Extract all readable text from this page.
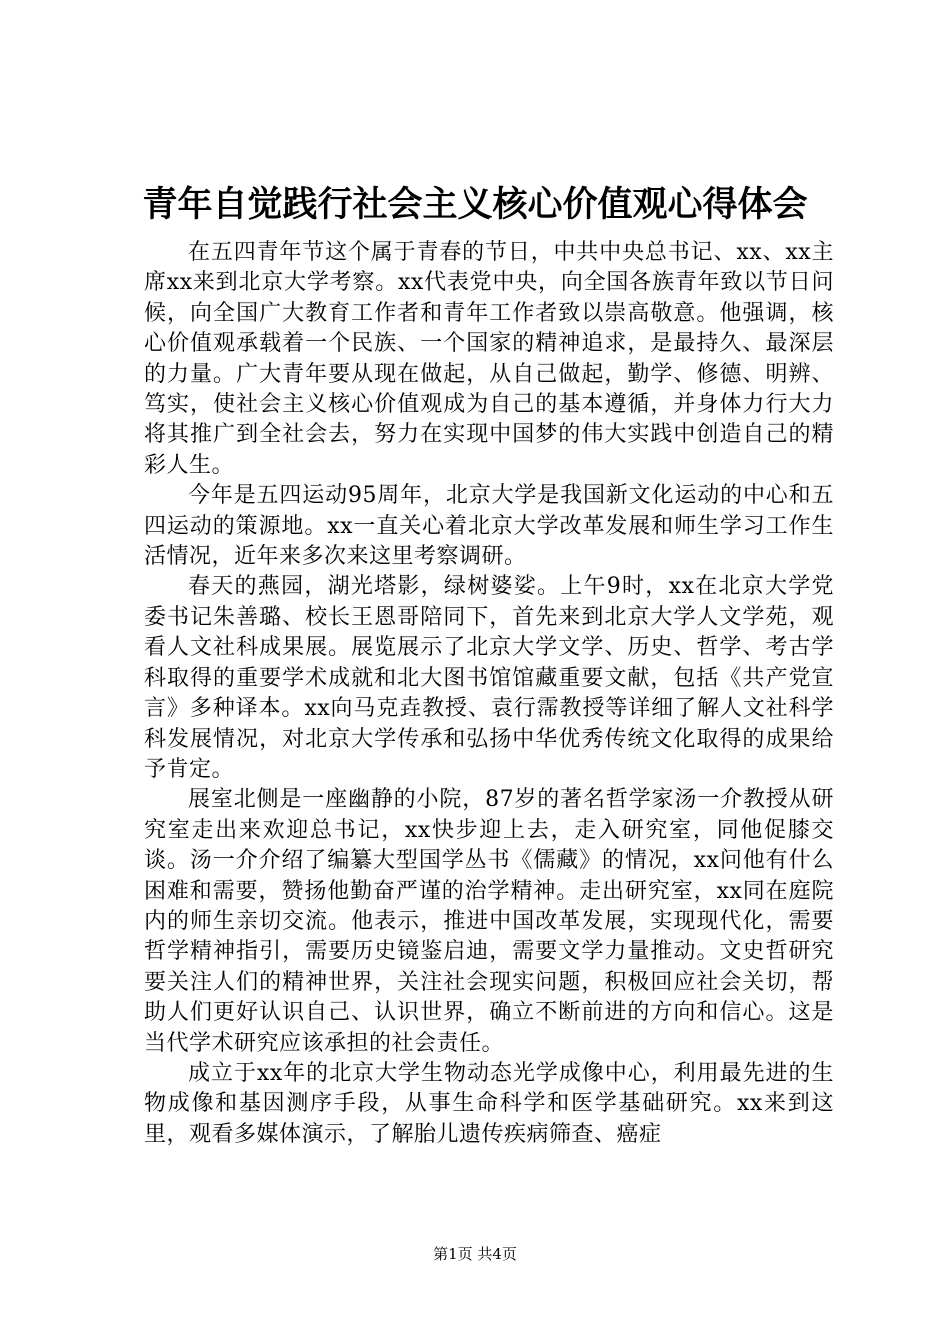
青年自觉践行社会主义核心价值观心得体会

在五四青年节这个属于青春的节日，中共中央总书记、xx、xx主席xx来到北京大学考察。xx代表党中央，向全国各族青年致以节日问候，向全国广大教育工作者和青年工作者致以崇高敬意。他强调，核心价值观承载着一个民族、一个国家的精神追求，是最持久、最深层的力量。广大青年要从现在做起，从自己做起，勤学、修德、明辨、笃实，使社会主义核心价值观成为自己的基本遵循，并身体力行大力将其推广到全社会去，努力在实现中国梦的伟大实践中创造自己的精彩人生。

今年是五四运动95周年，北京大学是我国新文化运动的中心和五四运动的策源地。xx一直关心着北京大学改革发展和师生学习工作生活情况，近年来多次来这里考察调研。

春天的燕园，湖光塔影，绿树婆娑。上午9时，xx在北京大学党委书记朱善璐、校长王恩哥陪同下，首先来到北京大学人文学苑，观看人文社科成果展。展览展示了北京大学文学、历史、哲学、考古学科取得的重要学术成就和北大图书馆馆藏重要文献，包括《共产党宣言》多种译本。xx向马克垚教授、袁行霈教授等详细了解人文社科学科发展情况，对北京大学传承和弘扬中华优秀传统文化取得的成果给予肯定。

展室北侧是一座幽静的小院，87岁的著名哲学家汤一介教授从研究室走出来欢迎总书记，xx快步迎上去，走入研究室，同他促膝交谈。汤一介介绍了编纂大型国学丛书《儒藏》的情况，xx问他有什么困难和需要，赞扬他勤奋严谨的治学精神。走出研究室，xx同在庭院内的师生亲切交流。他表示，推进中国改革发展，实现现代化，需要哲学精神指引，需要历史镜鉴启迪，需要文学力量推动。文史哲研究要关注人们的精神世界，关注社会现实问题，积极回应社会关切，帮助人们更好认识自己、认识世界，确立不断前进的方向和信心。这是当代学术研究应该承担的社会责任。

成立于xx年的北京大学生物动态光学成像中心，利用最先进的生物成像和基因测序手段，从事生命科学和医学基础研究。xx来到这里，观看多媒体演示，了解胎儿遗传疾病筛查、癌症

第1页 共4页
